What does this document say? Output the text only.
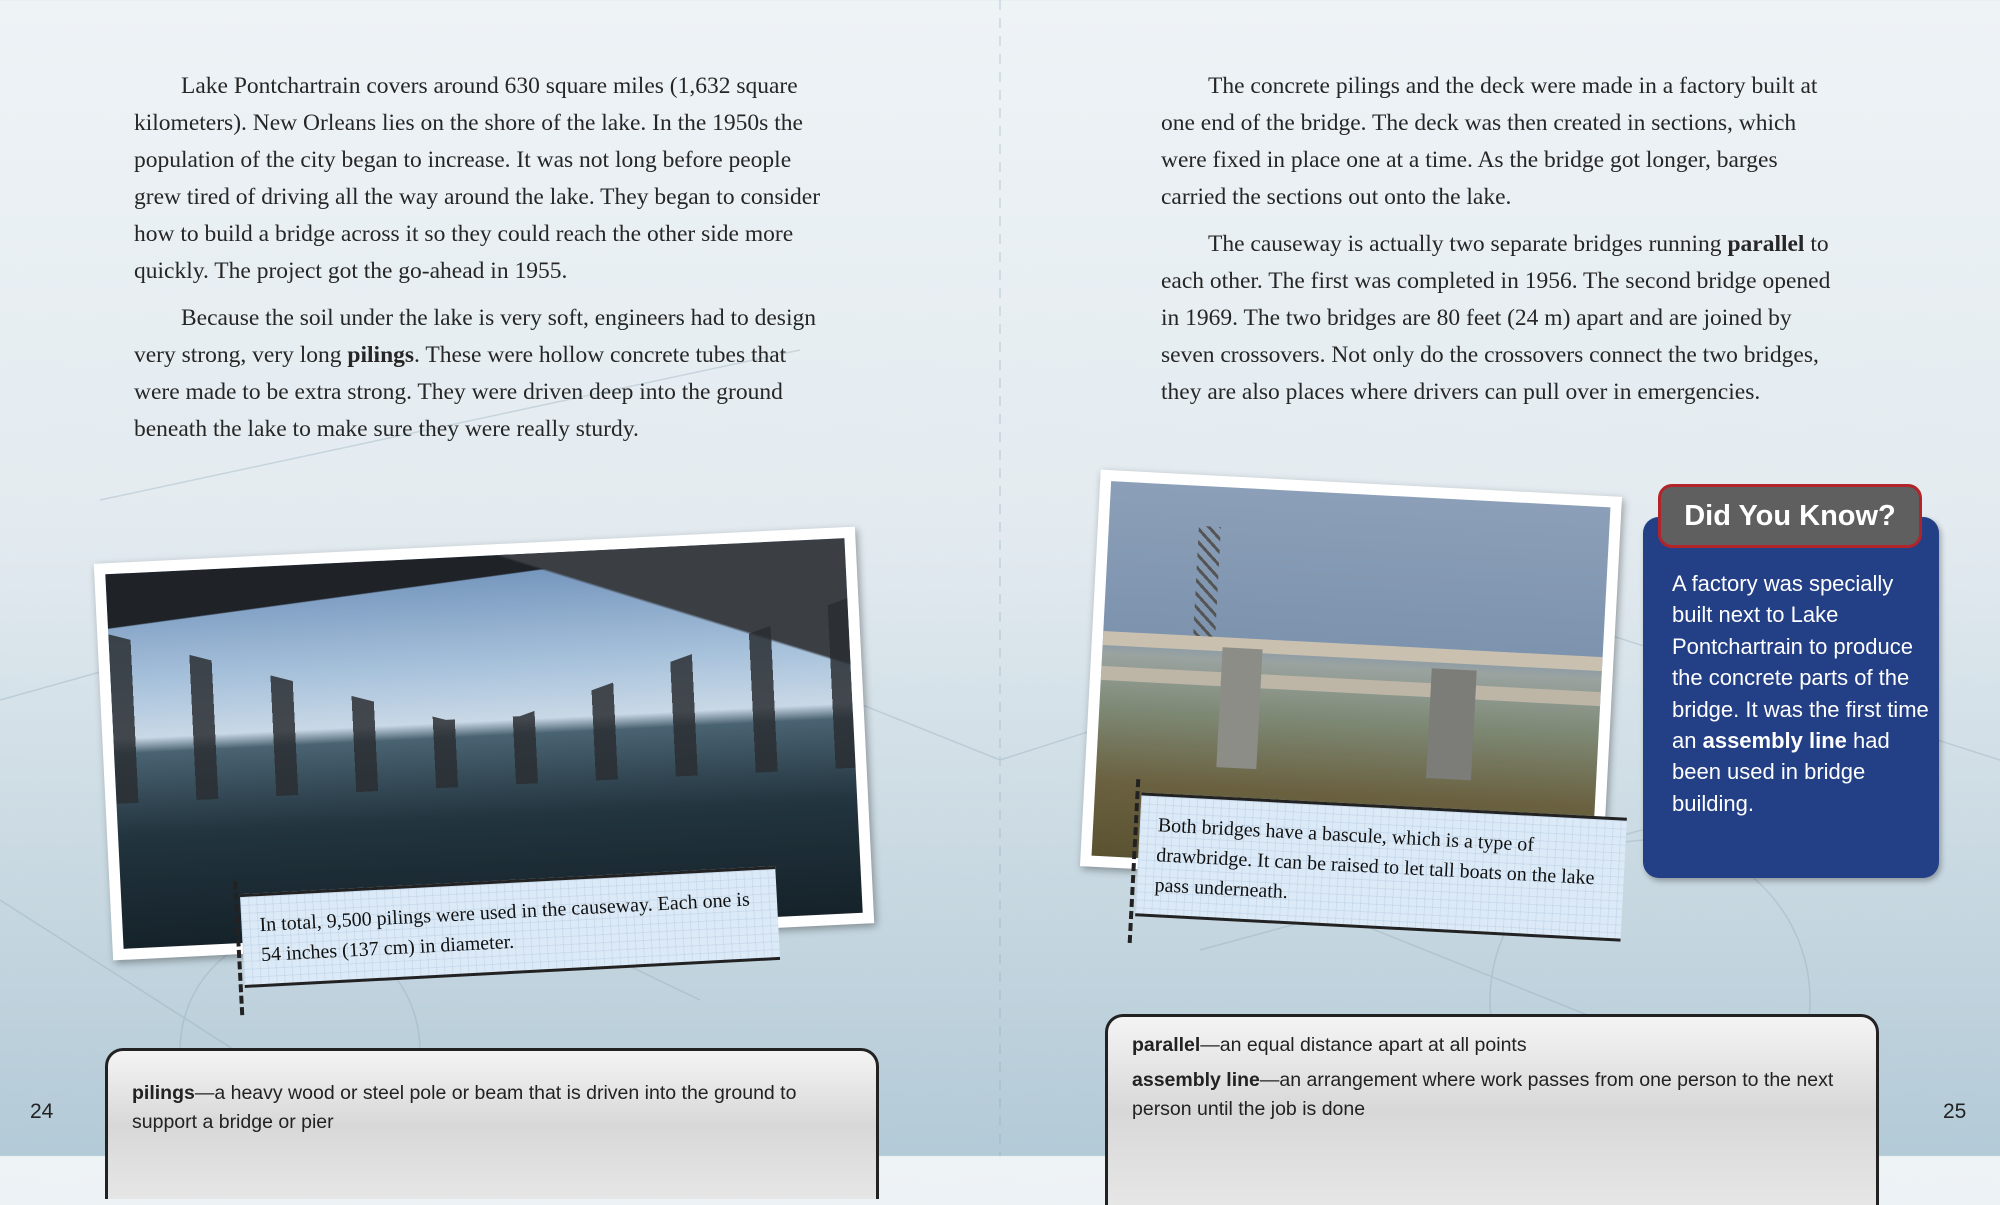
Lake Pontchartrain covers around 630 square miles (1,632 square kilometers). New Orleans lies on the shore of the lake. In the 1950s the population of the city began to increase. It was not long before people grew tired of driving all the way around the lake. They began to consider how to build a bridge across it so they could reach the other side more quickly. The project got the go-ahead in 1955.

Because the soil under the lake is very soft, engineers had to design very strong, very long pilings. These were hollow concrete tubes that were made to be extra strong. They were driven deep into the ground beneath the lake to make sure they were really sturdy.

The concrete pilings and the deck were made in a factory built at one end of the bridge. The deck was then created in sections, which were fixed in place one at a time. As the bridge got longer, barges carried the sections out onto the lake.

The causeway is actually two separate bridges running parallel to each other. The first was completed in 1956. The second bridge opened in 1969. The two bridges are 80 feet (24 m) apart and are joined by seven crossovers. Not only do the crossovers connect the two bridges, they are also places where drivers can pull over in emergencies.

In total, 9,500 pilings were used in the causeway. Each one is 54 inches (137 cm) in diameter.
Both bridges have a bascule, which is a type of drawbridge. It can be raised to let tall boats on the lake pass underneath.
Did You Know?
A factory was specially built next to Lake Pontchartrain to produce the concrete parts of the bridge. It was the first time an assembly line had been used in bridge building.

pilings—a heavy wood or steel pole or beam that is driven into the ground to support a bridge or pier

parallel—an equal distance apart at all points

assembly line—an arrangement where work passes from one person to the next person until the job is done

24	25
